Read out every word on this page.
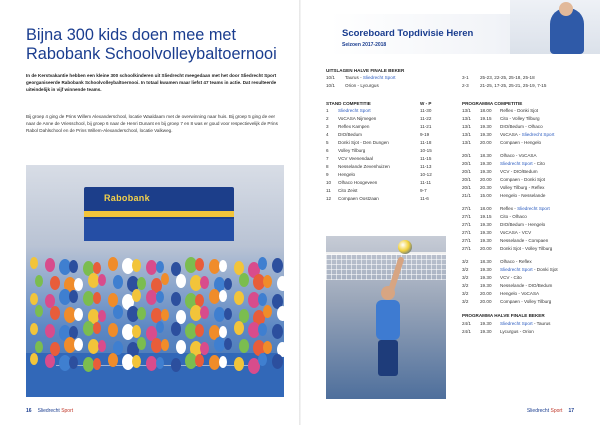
Bijna 300 kids doen mee met
Rabobank Schoolvolleybaltoernooi

In de Kerstvakantie hebben een kleine 300 schoolkinderen uit Sliedrecht meegedaan met het door Sliedrecht Sport georganiseerde Rabobank Schoolvolleybaltoernooi. In totaal kwamen maar liefst 47 teams in actie. Dat resulteerde uiteindelijk in vijf winnende teams.

Bij groep 4 ging de Prins Willem Alexanderschool, locatie Waaldaam met de overwinning naar huis. Bij groep 5 ging de eer naar de Anne de Vriesschool, bij groep 6 naar de Henri Dunant en bij groep 7 en 8 was er goud voor respectievelijk de Prins Rabol Dahlschool en de Prins Willem-Alexanderschool, locatie Valkweg.

Rabobank
16 Sliedrecht Sport
Scoreboard Topdivisie Heren
Seizoen 2017-2018
UITSLAGEN HALVE FINALE BEKER
10/1 Taurus - Sliedrecht Sport	3-1 25-23, 22-25, 25-18, 25-18
10/1 Orion - Lycurgus	2-3 21-25, 17-25, 25-21, 25-19, 7-15
STAND COMPETITIE	W - P
1 Sliedrecht Sport	11-30
2 VoCASA Nijmegen	11-22
3 Reflex Kampen	11-21
4 DIO/Bedum	9-19
5 Donki Sjot - Den Dungen	11-18
6 Volley Tilburg	10-15
7 VCV Veenendaal	11-15
8 Nesselande Zevenhuizen	11-13
9 Hengelo	10-12
10 Olhaco Hoogeveen	11-11
11 Cito Zeist	9-7
12 Compaen Oostzaan	11-6
PROGRAMMA COMPETITIE
13/1 18.00 Reflex - Donki Sjot
13/1 19.15 Cito - Volley Tilburg
13/1 19.30 DIO/Bedum - Olhaco
13/1 19.30 VoCASA - Sliedrecht Sport
13/1 20.00 Compaen - Hengelo
20/1 18.30 Olhaco - VoCASA
20/1 19.30 Sliedrecht Sport - Cito
20/1 19.30 VCV - DIO/Bedum
20/1 20.00 Compaen - Donki Sjot
20/1 20.30 Volley Tilburg - Reflex
21/1 15.00 Hengelo - Nesselande
27/1 18.00 Reflex - Sliedrecht Sport
27/1 19.15 Cito - Olhaco
27/1 19.30 DIO/Bedum - Hengelo
27/1 19.30 VoCASA - VCV
27/1 19.30 Nesselande - Compaen
27/1 20.00 Donki Sjot - Volley Tilburg
3/2	18.30 Olhaco - Reflex
3/2	19.30 Sliedrecht Sport - Donki Sjot
3/2	19.30 VCV - Cito
3/2	19.30 Nesselande - DIO/Bedum
3/2	20.00 Hengelo - VoCASA
3/2	20.00 Compaen - Volley Tilburg
PROGRAMMA HALVE FINALE BEKER
24/1 19.30 Sliedrecht Sport - Taurus
24/1 19.30 Lycurgus - Orion
Sliedrecht Sport 17
